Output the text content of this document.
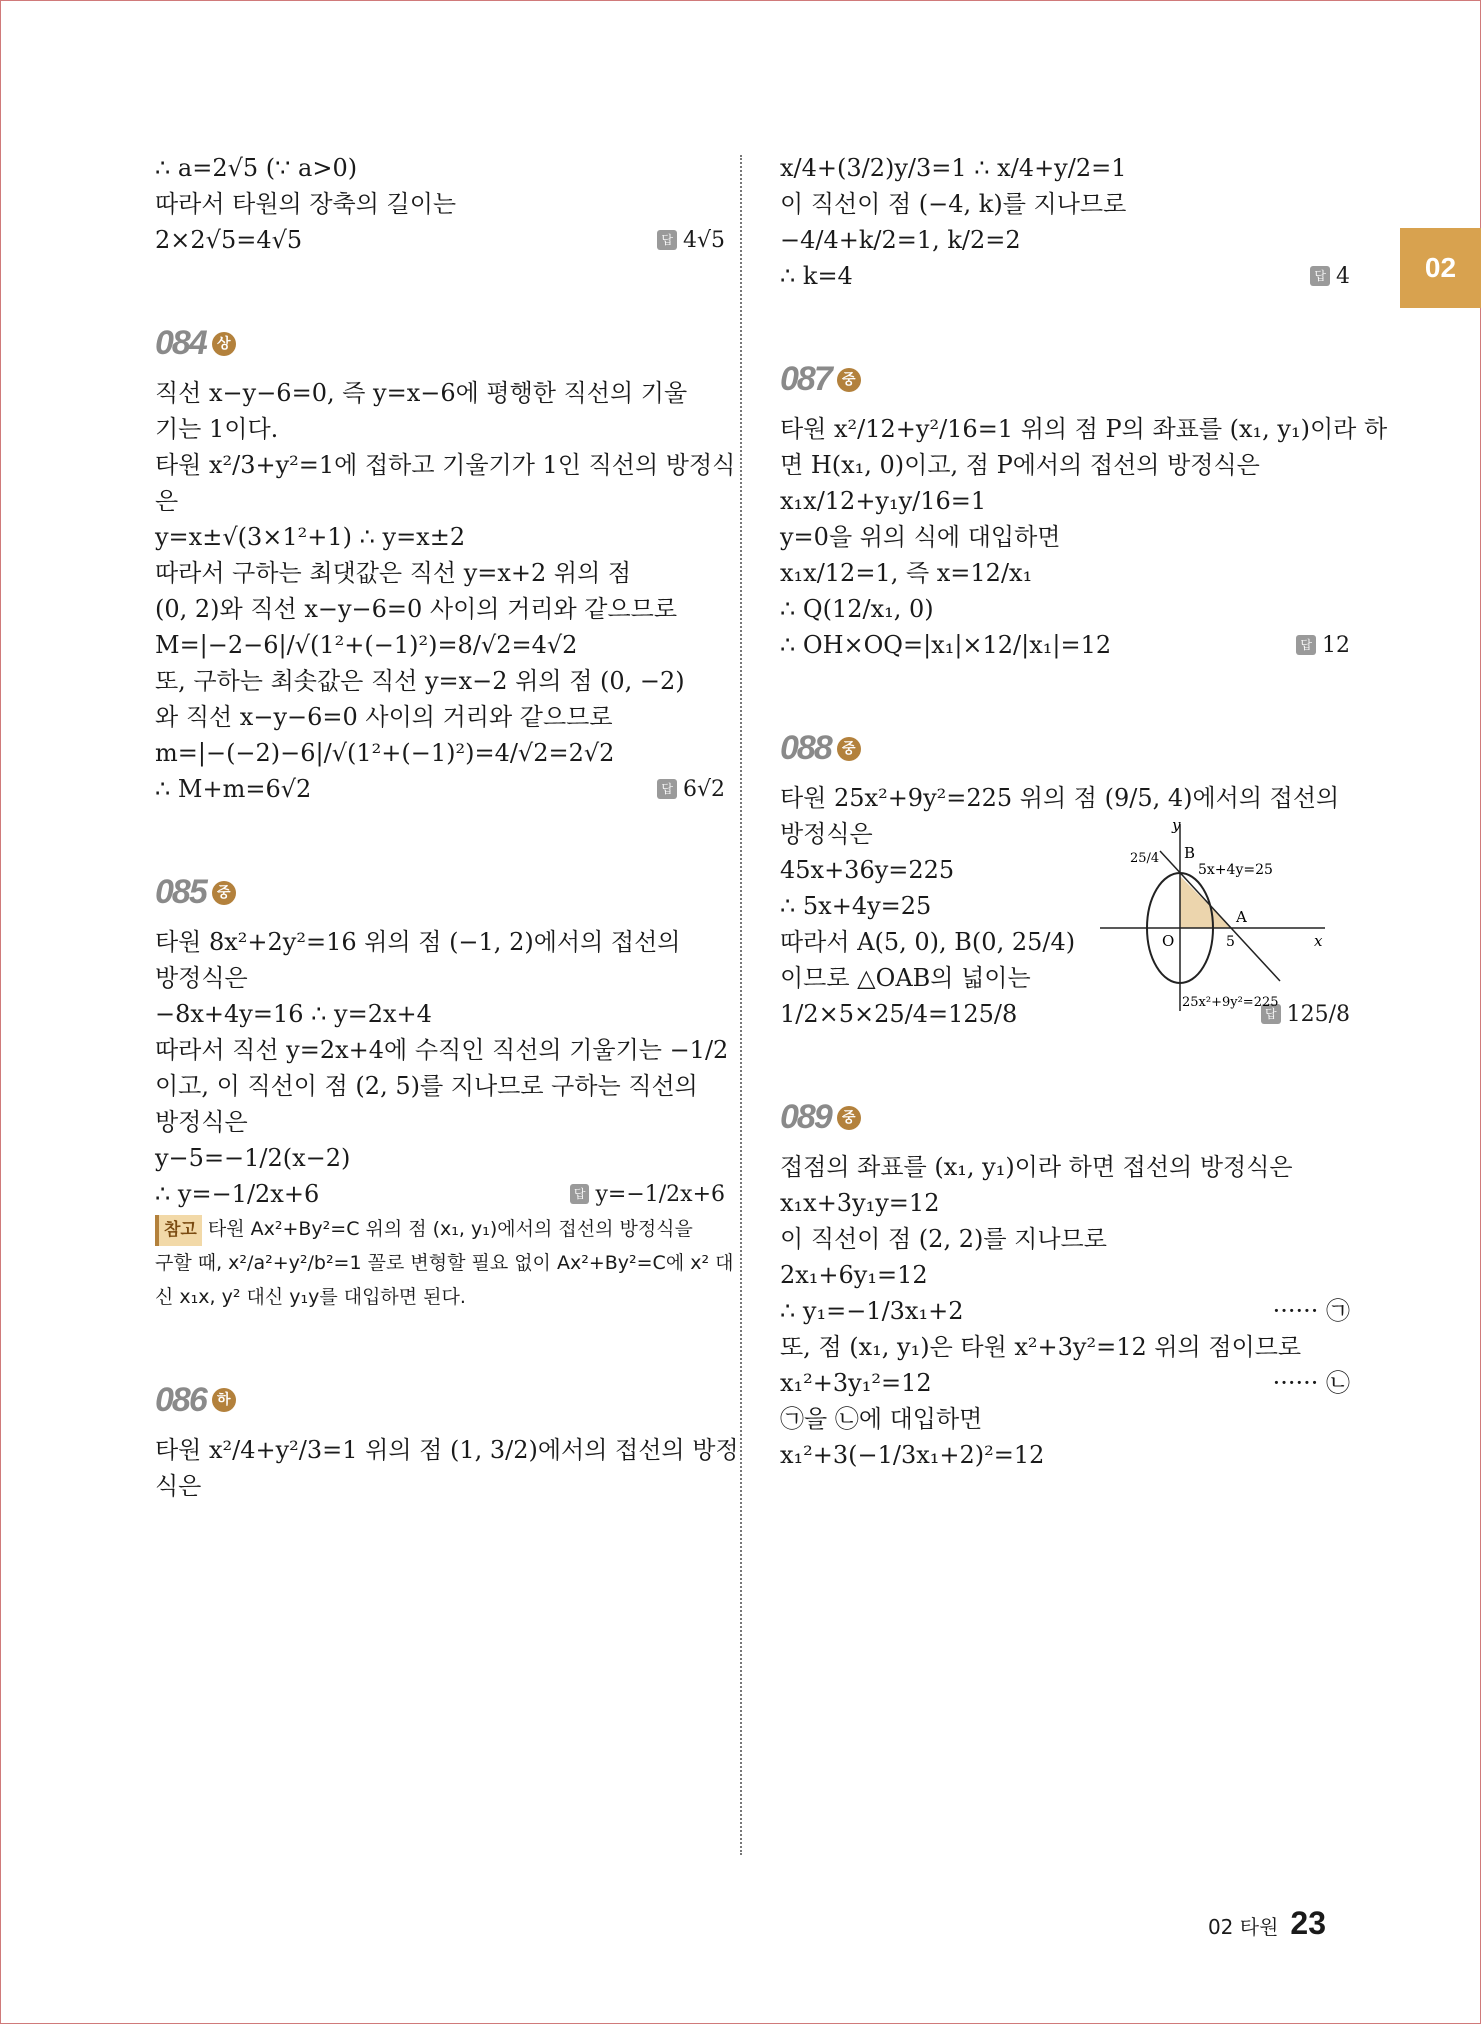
02

∴ a=2√5 (∵ a>0)

따라서 타원의 장축의 길이는

2×2√5=4√5	답 4√5
084 상

직선 x−y−6=0, 즉 y=x−6에 평행한 직선의 기울

기는 1이다.

타원 x²/3+y²=1에 접하고 기울기가 1인 직선의 방정식

은

y=x±√(3×1²+1) ∴ y=x±2

따라서 구하는 최댓값은 직선 y=x+2 위의 점

(0, 2)와 직선 x−y−6=0 사이의 거리와 같으므로

M=|−2−6|/√(1²+(−1)²)=8/√2=4√2

또, 구하는 최솟값은 직선 y=x−2 위의 점 (0, −2)

와 직선 x−y−6=0 사이의 거리와 같으므로

m=|−(−2)−6|/√(1²+(−1)²)=4/√2=2√2

∴ M+m=6√2	답 6√2
085 중

타원 8x²+2y²=16 위의 점 (−1, 2)에서의 접선의

방정식은

−8x+4y=16 ∴ y=2x+4

따라서 직선 y=2x+4에 수직인 직선의 기울기는 −1/2

이고, 이 직선이 점 (2, 5)를 지나므로 구하는 직선의

방정식은

y−5=−1/2(x−2)

∴ y=−1/2x+6	답 y=−1/2x+6
참고 타원 Ax²+By²=C 위의 점 (x₁, y₁)에서의 접선의 방정식을
구할 때, x²/a²+y²/b²=1 꼴로 변형할 필요 없이 Ax²+By²=C에 x² 대
신 x₁x, y² 대신 y₁y를 대입하면 된다.
086 하

타원 x²/4+y²/3=1 위의 점 (1, 3/2)에서의 접선의 방정

식은

x/4+(3/2)y/3=1 ∴ x/4+y/2=1

이 직선이 점 (−4, k)를 지나므로

−4/4+k/2=1, k/2=2

∴ k=4	답 4
087 중

타원 x²/12+y²/16=1 위의 점 P의 좌표를 (x₁, y₁)이라 하

면 H(x₁, 0)이고, 점 P에서의 접선의 방정식은

x₁x/12+y₁y/16=1

y=0을 위의 식에 대입하면

x₁x/12=1, 즉 x=12/x₁

∴ Q(12/x₁, 0)

∴ OH×OQ=|x₁|×12/|x₁|=12	답 12
088 중

타원 25x²+9y²=225 위의 점 (9/5, 4)에서의 접선의

방정식은

45x+36y=225

∴ 5x+4y=25

따라서 A(5, 0), B(0, 25/4)

이므로 △OAB의 넓이는

1/2×5×25/4=125/8	답 125/8
y
x
B
25/4
A
5
O
5x+4y=25
25x²+9y²=225
089 중

접점의 좌표를 (x₁, y₁)이라 하면 접선의 방정식은

x₁x+3y₁y=12

이 직선이 점 (2, 2)를 지나므로

2x₁+6y₁=12

∴ y₁=−1/3x₁+2	······ ㉠

또, 점 (x₁, y₁)은 타원 x²+3y²=12 위의 점이므로

x₁²+3y₁²=12	······ ㉡

㉠을 ㉡에 대입하면

x₁²+3(−1/3x₁+2)²=12

02 타원 23
